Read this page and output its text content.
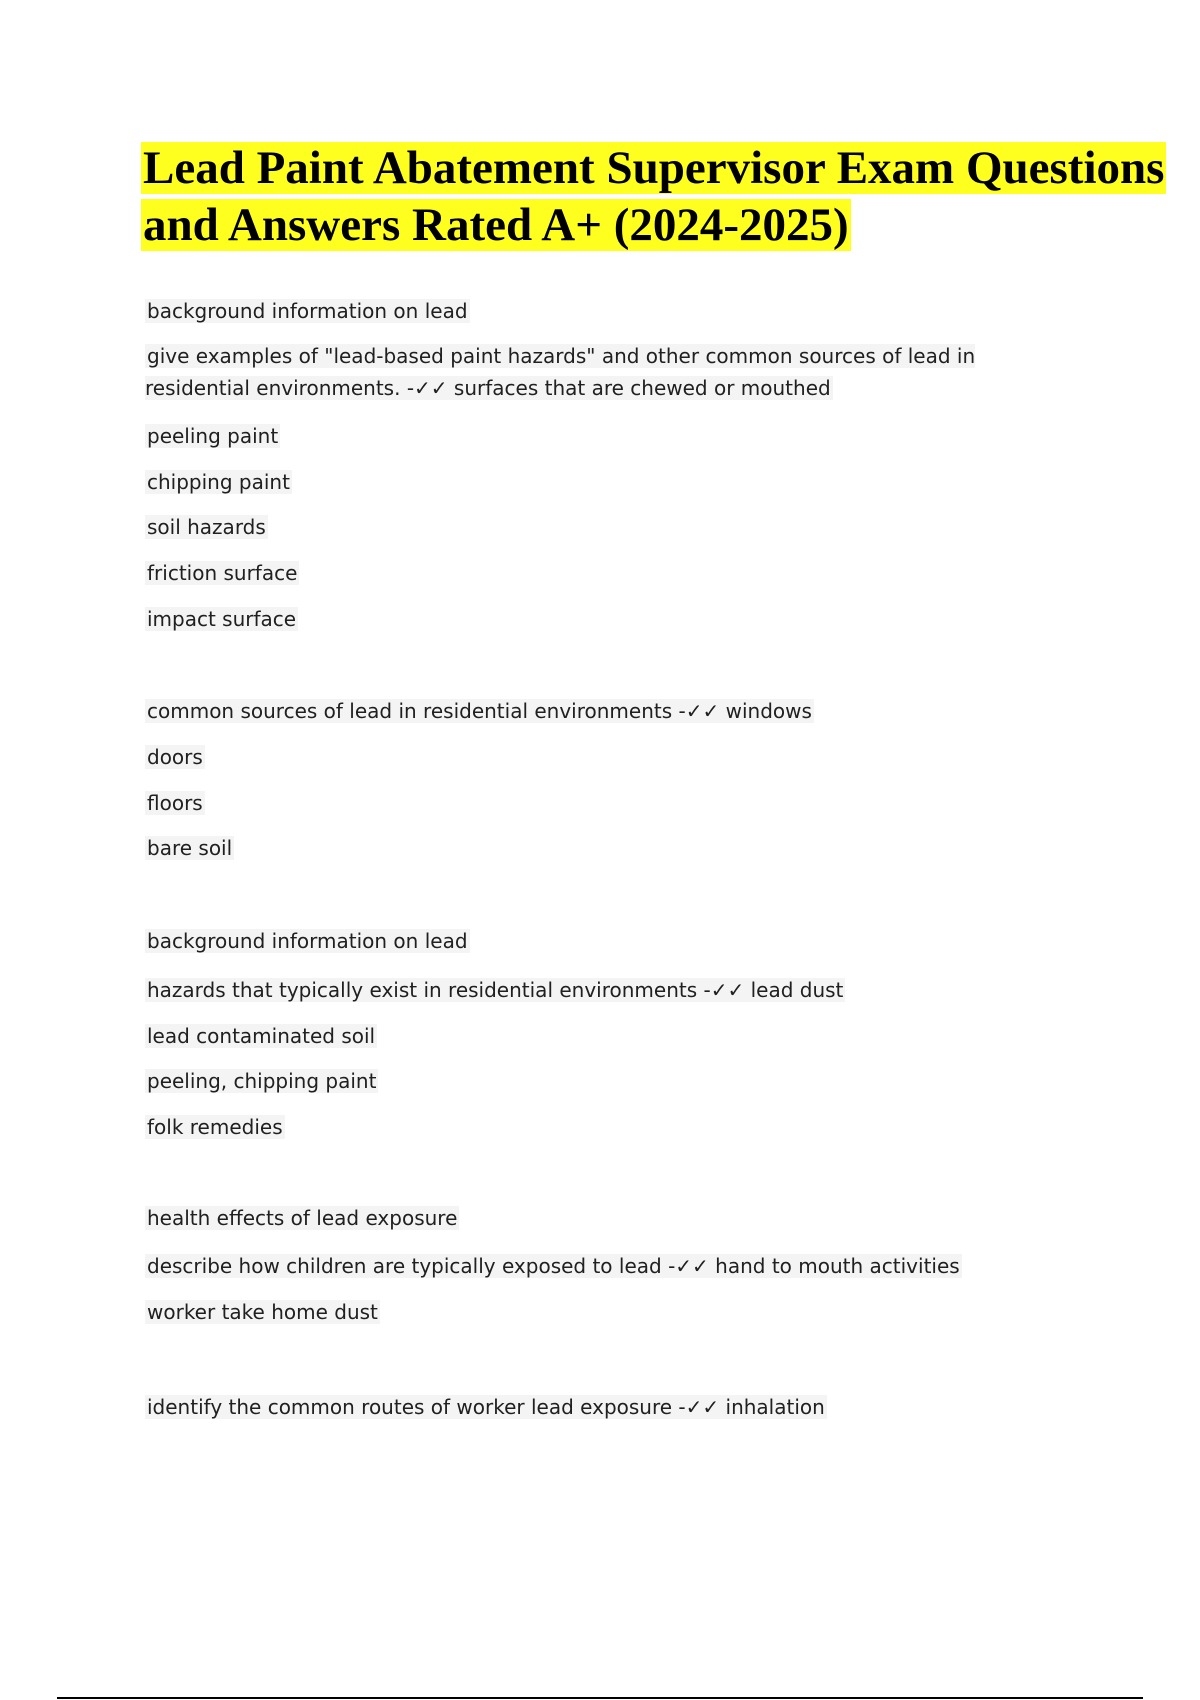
Lead Paint Abatement Supervisor Exam Questions and Answers Rated A+ (2024-2025)
background information on lead
give examples of "lead-based paint hazards" and other common sources of lead in residential environments. -✓✓ surfaces that are chewed or mouthed
peeling paint
chipping paint
soil hazards
friction surface
impact surface
common sources of lead in residential environments -✓✓ windows
doors
floors
bare soil
background information on lead
hazards that typically exist in residential environments -✓✓ lead dust
lead contaminated soil
peeling, chipping paint
folk remedies
health effects of lead exposure
describe how children are typically exposed to lead -✓✓ hand to mouth activities
worker take home dust
identify the common routes of worker lead exposure -✓✓ inhalation
